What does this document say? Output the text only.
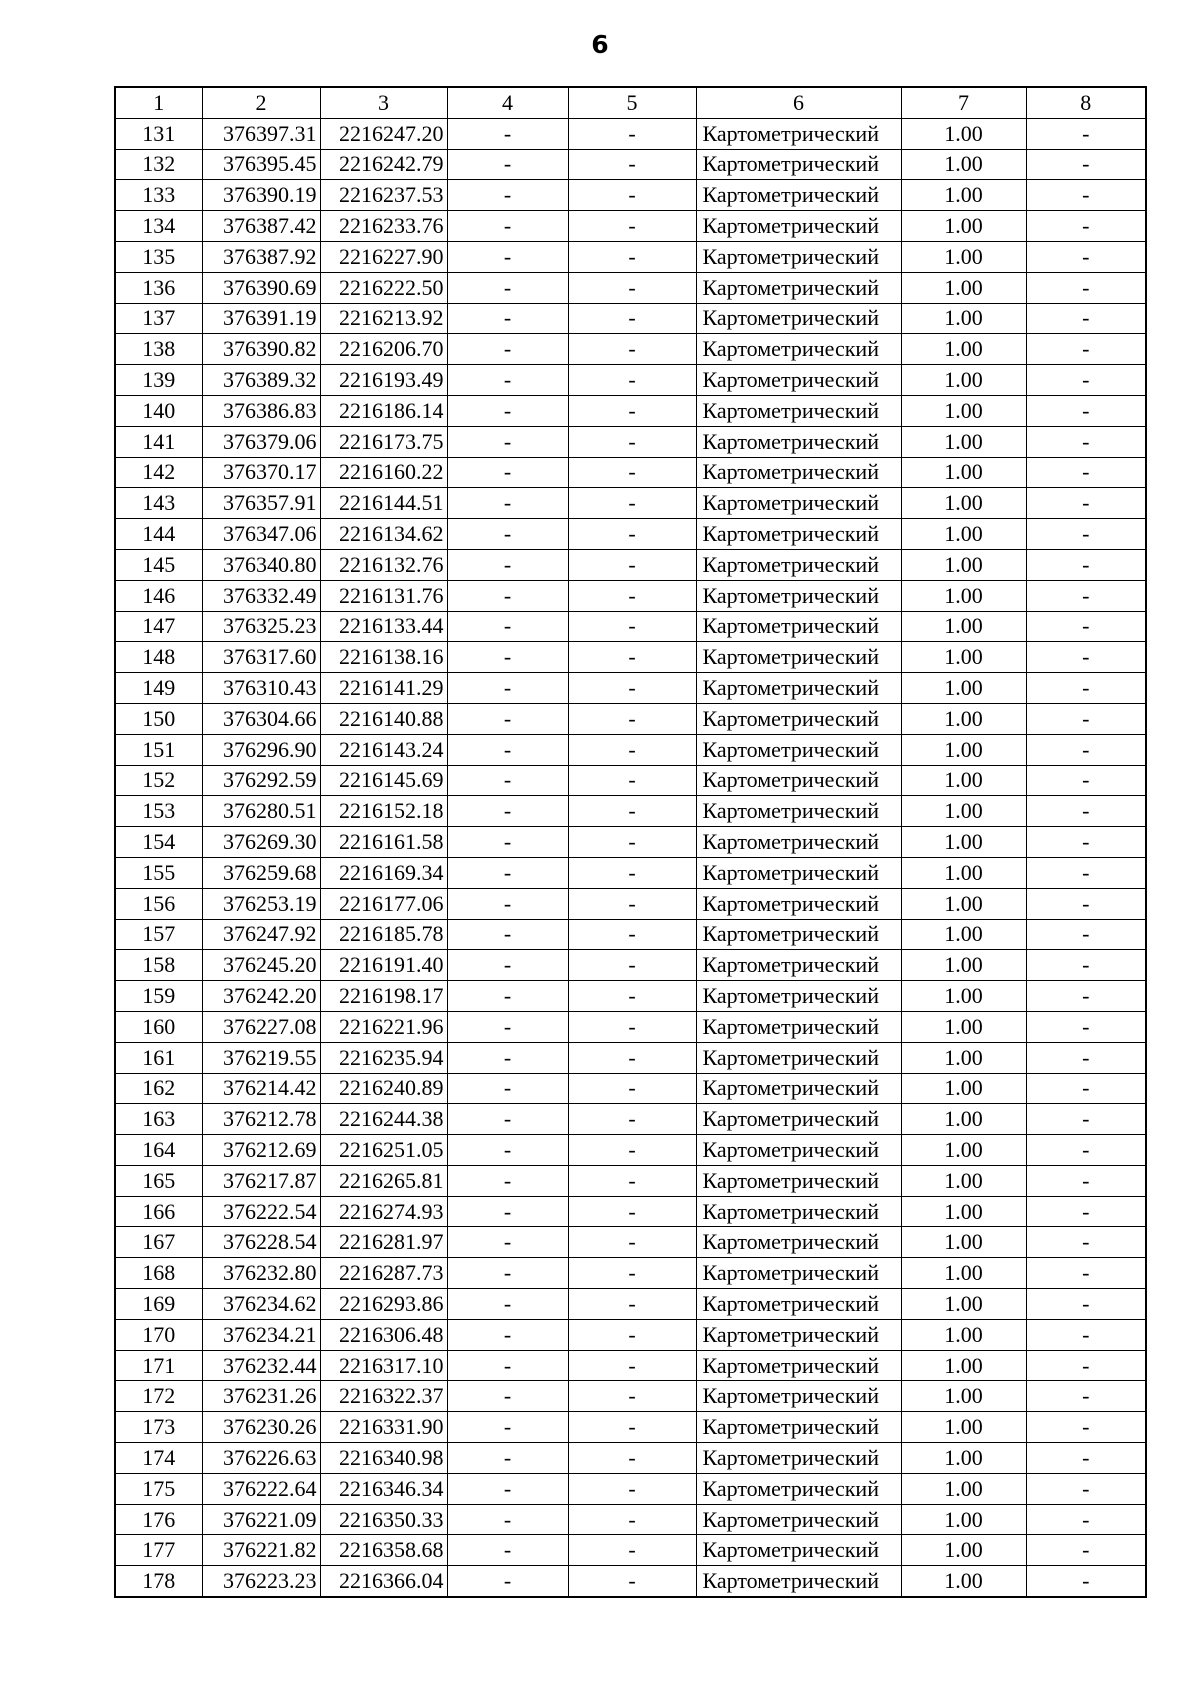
6
1	2	3	4	5	6	7	8
131	376397.31	2216247.20	-	-	Картометрический	1.00	-
132	376395.45	2216242.79	-	-	Картометрический	1.00	-
133	376390.19	2216237.53	-	-	Картометрический	1.00	-
134	376387.42	2216233.76	-	-	Картометрический	1.00	-
135	376387.92	2216227.90	-	-	Картометрический	1.00	-
136	376390.69	2216222.50	-	-	Картометрический	1.00	-
137	376391.19	2216213.92	-	-	Картометрический	1.00	-
138	376390.82	2216206.70	-	-	Картометрический	1.00	-
139	376389.32	2216193.49	-	-	Картометрический	1.00	-
140	376386.83	2216186.14	-	-	Картометрический	1.00	-
141	376379.06	2216173.75	-	-	Картометрический	1.00	-
142	376370.17	2216160.22	-	-	Картометрический	1.00	-
143	376357.91	2216144.51	-	-	Картометрический	1.00	-
144	376347.06	2216134.62	-	-	Картометрический	1.00	-
145	376340.80	2216132.76	-	-	Картометрический	1.00	-
146	376332.49	2216131.76	-	-	Картометрический	1.00	-
147	376325.23	2216133.44	-	-	Картометрический	1.00	-
148	376317.60	2216138.16	-	-	Картометрический	1.00	-
149	376310.43	2216141.29	-	-	Картометрический	1.00	-
150	376304.66	2216140.88	-	-	Картометрический	1.00	-
151	376296.90	2216143.24	-	-	Картометрический	1.00	-
152	376292.59	2216145.69	-	-	Картометрический	1.00	-
153	376280.51	2216152.18	-	-	Картометрический	1.00	-
154	376269.30	2216161.58	-	-	Картометрический	1.00	-
155	376259.68	2216169.34	-	-	Картометрический	1.00	-
156	376253.19	2216177.06	-	-	Картометрический	1.00	-
157	376247.92	2216185.78	-	-	Картометрический	1.00	-
158	376245.20	2216191.40	-	-	Картометрический	1.00	-
159	376242.20	2216198.17	-	-	Картометрический	1.00	-
160	376227.08	2216221.96	-	-	Картометрический	1.00	-
161	376219.55	2216235.94	-	-	Картометрический	1.00	-
162	376214.42	2216240.89	-	-	Картометрический	1.00	-
163	376212.78	2216244.38	-	-	Картометрический	1.00	-
164	376212.69	2216251.05	-	-	Картометрический	1.00	-
165	376217.87	2216265.81	-	-	Картометрический	1.00	-
166	376222.54	2216274.93	-	-	Картометрический	1.00	-
167	376228.54	2216281.97	-	-	Картометрический	1.00	-
168	376232.80	2216287.73	-	-	Картометрический	1.00	-
169	376234.62	2216293.86	-	-	Картометрический	1.00	-
170	376234.21	2216306.48	-	-	Картометрический	1.00	-
171	376232.44	2216317.10	-	-	Картометрический	1.00	-
172	376231.26	2216322.37	-	-	Картометрический	1.00	-
173	376230.26	2216331.90	-	-	Картометрический	1.00	-
174	376226.63	2216340.98	-	-	Картометрический	1.00	-
175	376222.64	2216346.34	-	-	Картометрический	1.00	-
176	376221.09	2216350.33	-	-	Картометрический	1.00	-
177	376221.82	2216358.68	-	-	Картометрический	1.00	-
178	376223.23	2216366.04	-	-	Картометрический	1.00	-
